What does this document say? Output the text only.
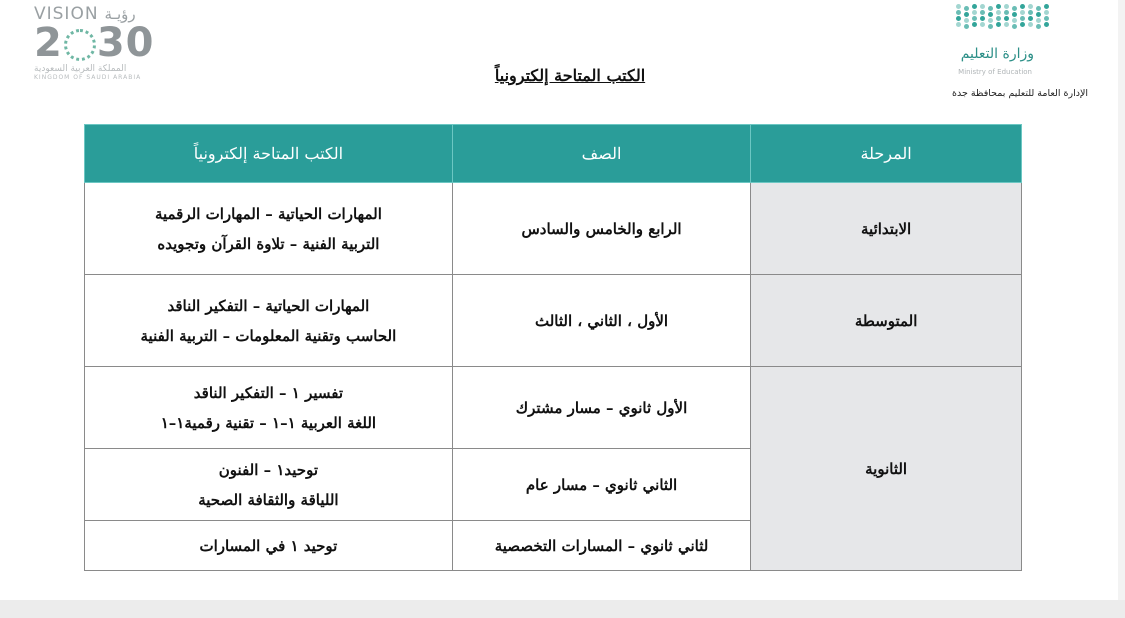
VISION رؤيـة
2 30
المملكة العربية السعودية
KINGDOM OF SAUDI ARABIA
وزارة التعليم
Ministry of Education
الإدارة العامة للتعليم بمحافظة جدة
الكتب المتاحة إلكترونياً
المرحلة	الصف	الكتب المتاحة إلكترونياً
الابتدائية	الرابع والخامس والسادس	المهارات الحياتية – المهارات الرقمية
التربية الفنية – تلاوة القرآن وتجويده

المتوسطة	الأول ، الثاني ، الثالث	المهارات الحياتية – التفكير الناقد
الحاسب وتقنية المعلومات – التربية الفنية

الثانوية	الأول ثانوي – مسار مشترك	تفسير ١ – التفكير الناقد
اللغة العربية ١–١ – تقنية رقمية١–١

	الثاني ثانوي – مسار عام	توحيد١ – الفنون
اللياقة والثقافة الصحية

	لثاني ثانوي – المسارات التخصصية	توحيد ١ في المسارات
